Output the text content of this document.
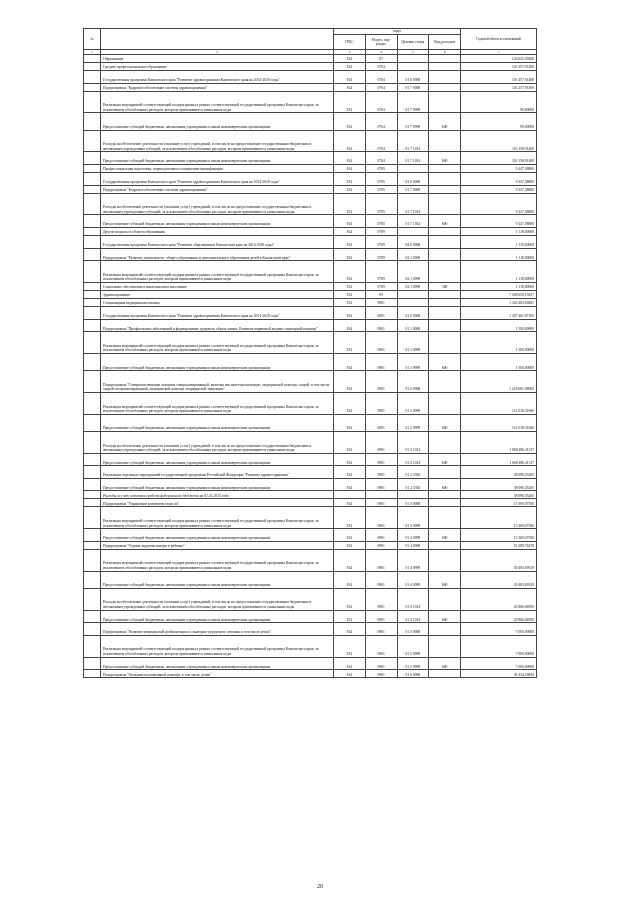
№		коды				Годовой объем ассигнований
		ГРБС	Раздел, под- раздел	Целевая статья	Вид расходов	
1	2	3	4	5	6	7
	Образование	814	07			126 623,30200
	Среднее профессиональное образование	814	0704			116 257,91400
	Государственная программа Камчатского края "Развитие здравоохранения Камчатского края на 2014-2020 годы"	814	0704	01 0 0000		116 257,91400
	Подпрограмма "Кадровое обеспечение системы здравоохранения"	814	0704	01 7 0000		116 257,91400
	Реализация мероприятий соответствующей подпрограммы в рамках соответствующей государственной программы Камчатского края, за исключением обособленных расходов, которым присваиваются уникальные коды	814	0704	01 7 0999		99,00000
	Предоставление субсидий бюджетным, автономным учреждениям и иным некоммерческим организациям	814	0704	01 7 0999	600	99,00000
	Расходы на обеспечение деятельности (оказание услуг) учреждений, в том числе на предоставление государственным бюджетным и автономным учреждениям субсидий, за исключением обособленных расходов, которым присваиваются уникальные коды	814	0704	01 7 1014		116 158,91400
	Предоставление субсидий бюджетным, автономным учреждениям и иным некоммерческим организациям	814	0704	01 7 1014	600	116 158,91400
	Профессиональная подготовка, переподготовка и повышение квалификации	814	0705			9 247,38800
	Государственная программа Камчатского края "Развитие здравоохранения Камчатского края на 2014-2020 годы"	814	0705	01 0 0000		9 247,38800
	Подпрограмма "Кадровое обеспечение системы здравоохранения"	814	0705	01 7 0000		9 247,38800
	Расходы на обеспечение деятельности (оказание услуг) учреждений, в том числе на предоставление государственным бюджетным и автономным учреждениям субсидий, за исключением обособленных расходов, которым присваиваются уникальные коды	814	0705	01 7 1014		9 247,38800
	Предоставление субсидий бюджетным, автономным учреждениям и иным некоммерческим организациям	814	0705	01 7 1014	600	9 247,38800
	Другие вопросы в области образования	814	0709			1 118,00000
	Государственная программа Камчатского края "Развитие образования в Камчатском крае на 2014-2020 годы"	814	0709	02 0 0000		1 118,00000
	Подпрограмма "Развитие дошкольного, общего образования и дополнительного образования детей в Камчатском крае"	814	0709	02 1 0000		1 118,00000
	Реализация мероприятий соответствующей подпрограммы в рамках соответствующей государственной программы Камчатского края, за исключением обособленных расходов, которым присваиваются уникальные коды	814	0709	02 1 0999		1 118,00000
	Социальное обеспечение и иные выплаты населению	814	0709	02 1 0999	300	1 118,00000
	Здравоохранение	814	09			7 438 650,19457
	Стационарная медицинская помощь	814	0901			1 320 263,63681
	Государственная программа Камчатского края "Развитие здравоохранения Камчатского края на 2014-2020 годы"	814	0901	01 0 0000		1 307 461,87105
	Подпрограмма "Профилактика заболеваний и формирование здорового образа жизни. Развитие первичной медико-санитарной помощи"	814	0901	01 1 0000		1 500,00000
	Реализация мероприятий соответствующей подпрограммы в рамках соответствующей государственной программы Камчатского края, за исключением обособленных расходов, которым присваиваются уникальные коды	814	0901	01 1 0999		1 500,00000
	Предоставление субсидий бюджетным, автономным учреждениям и иным некоммерческим организациям	814	0901	01 1 0999	600	1 500,00000
	Подпрограмма "Совершенствование оказания специализированной, включая высокотехнологичную, медицинской помощи, скорой, в том числе скорой специализированной, медицинской помощи, медицинской эвакуации"	814	0901	01 2 0000		1 218 601,08062
	Реализация мероприятий соответствующей подпрограммы в рамках соответствующей государственной программы Камчатского края, за исключением обособленных расходов, которым присваиваются уникальные коды	814	0901	01 2 0999		112 018,31660
	Предоставление субсидий бюджетным, автономным учреждениям и иным некоммерческим организациям	814	0901	01 2 0999	600	112 018,31660
	Расходы на обеспечение деятельности (оказание услуг) учреждений, в том числе на предоставление государственным бюджетным и автономным учреждениям субсидий, за исключением обособленных расходов, которым присваиваются уникальные коды	814	0901	01 2 1014		1 068 486,41137
	Предоставление субсидий бюджетным, автономным учреждениям и иным некоммерческим организациям	814	0901	01 2 1014	600	1 068 486,41137
	Реализация отдельных мероприятий государственной программы Российской Федерации "Развитие здравоохранения"	814	0901	01 2 5382		38 096,35265
	Предоставление субсидий бюджетным, автономным учреждениям и иным некоммерческим организациям	814	0901	01 2 5382	600	38 096,35265
	Расходы за счет остатков средств федерального бюджета на 01.01.2015 года					38 096,35265
	Подпрограмма "Управление развитием отрасли"	814	0901	01 3 0000		15 369,07500
	Реализация мероприятий соответствующей подпрограммы в рамках соответствующей государственной программы Камчатского края, за исключением обособленных расходов, которым присваиваются уникальные коды	814	0901	01 3 0999		15 369,07500
	Предоставление субсидий бюджетным, автономным учреждениям и иным некоммерческим организациям	814	0901	01 3 0999	600	15 369,07500
	Подпрограмма "Охрана здоровья матери и ребенка"	814	0901	01 4 0000		51 289,74479
	Реализация мероприятий соответствующей подпрограммы в рамках соответствующей государственной программы Камчатского края, за исключением обособленных расходов, которым присваиваются уникальные коды	814	0901	01 4 0999		30 483,69529
	Предоставление субсидий бюджетным, автономным учреждениям и иным некоммерческим организациям	814	0901	01 4 0999	600	30 483,69529
	Расходы на обеспечение деятельности (оказание услуг) учреждений, в том числе на предоставление государственным бюджетным и автономным учреждениям субсидий, за исключением обособленных расходов, которым присваиваются уникальные коды	814	0901	01 4 1014		20 806,04950
	Предоставление субсидий бюджетным, автономным учреждениям и иным некоммерческим организациям	814	0901	01 4 1014	600	20 806,04950
	Подпрограмма "Развитие медицинской реабилитации и санаторно-курортного лечения, в том числе детям"	814	0901	01 5 0000		7 000,00000
	Реализация мероприятий соответствующей подпрограммы в рамках соответствующей государственной программы Камчатского края, за исключением обособленных расходов, которым присваиваются уникальные коды	814	0901	01 5 0999		7 000,00000
	Предоставление субсидий бюджетным, автономным учреждениям и иным некоммерческим организациям	814	0901	01 5 0999	600	7 000,00000
	Подпрограмма "Оказание паллиативной помощи, в том числе детям"	814	0901	01 6 0000		94 434,18894
20
